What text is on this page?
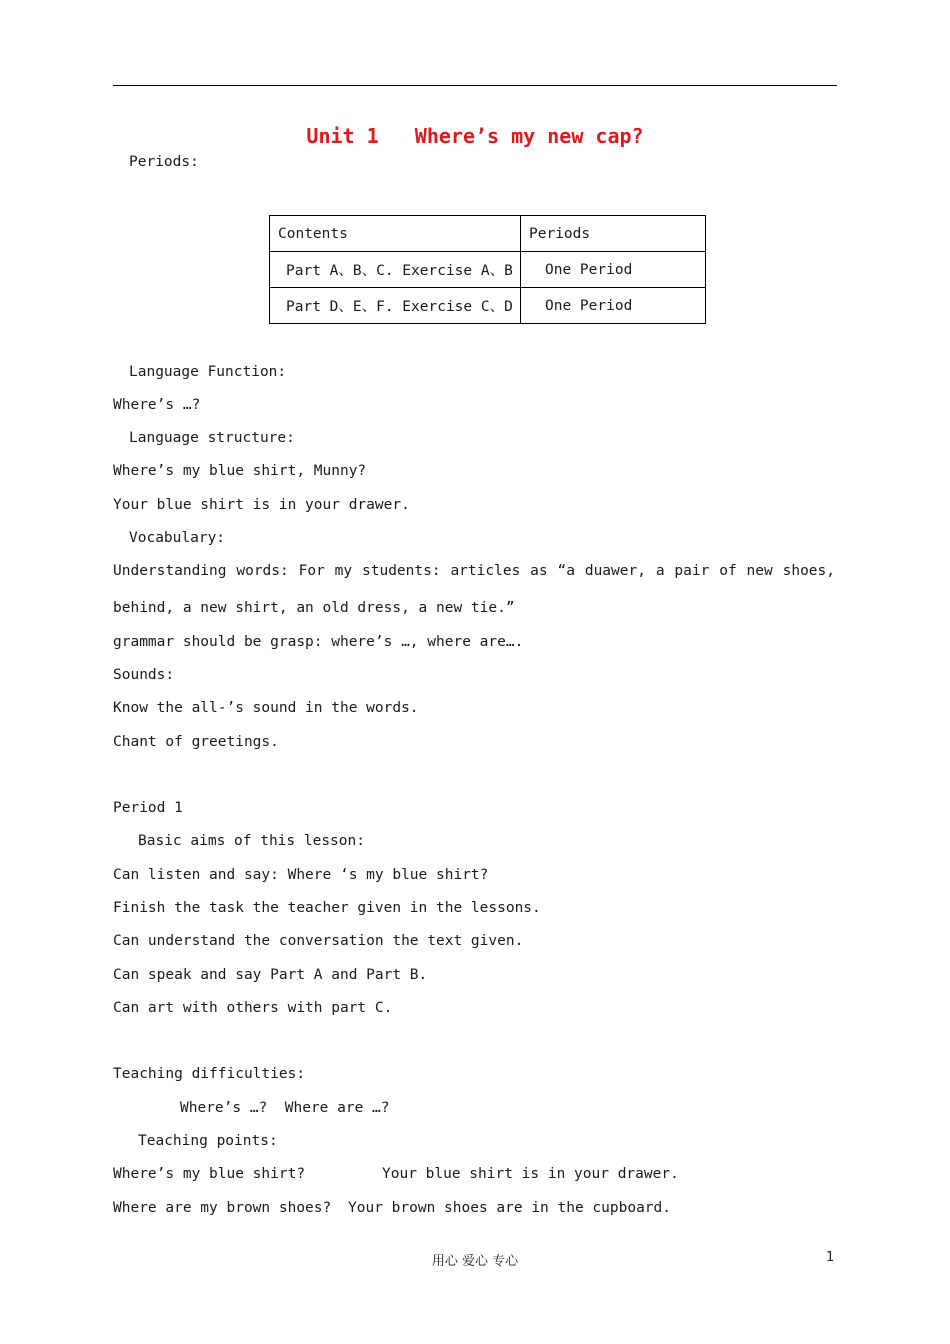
Unit 1   Where’s my new cap?
Periods:
Contents	Periods
Part A、B、C. Exercise A、B	One Period
Part D、E、F. Exercise C、D	One Period
Language Function:
Where’s …?
Language structure:
Where’s my blue shirt, Munny?
Your blue shirt is in your drawer.
Vocabulary:
Understanding words: For my students: articles as “a duawer, a pair of new shoes,
behind, a new shirt, an old dress, a new tie.”
grammar should be grasp: where’s …, where are….
Sounds:
Know the all-’s sound in the words.
Chant of greetings.
Period 1
Basic aims of this lesson:
Can listen and say: Where ‘s my blue shirt?
Finish the task the teacher given in the lessons.
Can understand the conversation the text given.
Can speak and say Part A and Part B.
Can art with others with part C.
Teaching difficulties:
Where’s …?  Where are …?
Teaching points:
Where’s my blue shirt?	Your blue shirt is in your drawer.
Where are my brown shoes? Your brown shoes are in the cupboard.
用心 爱心 专心	1
